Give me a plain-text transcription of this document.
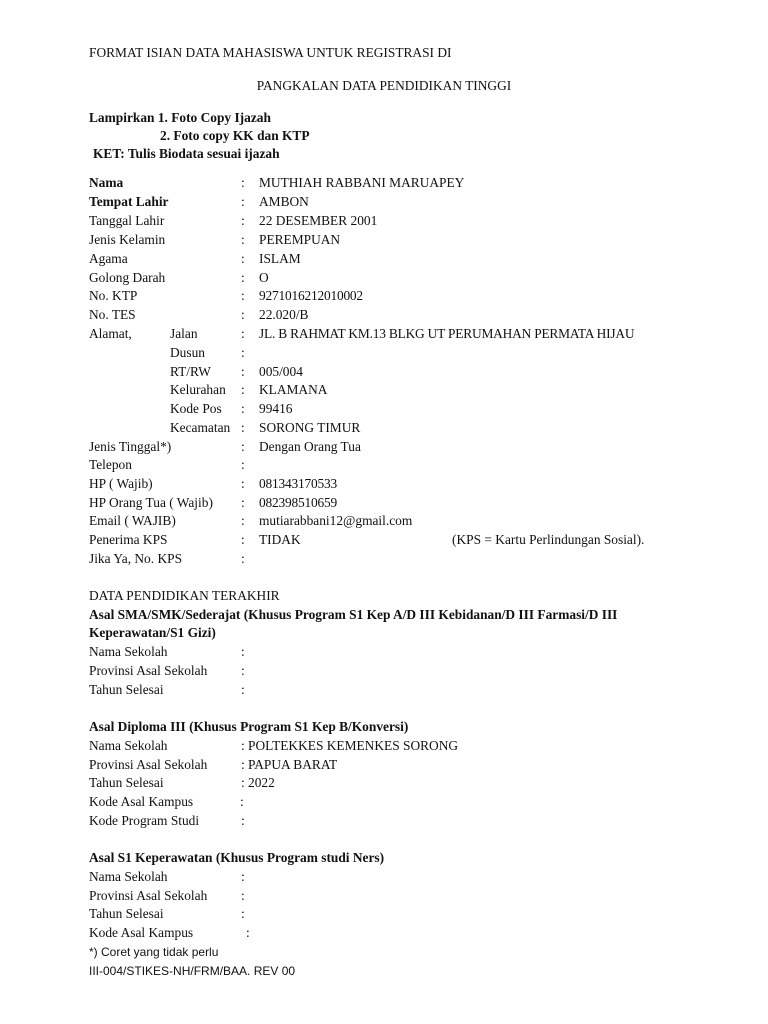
FORMAT ISIAN DATA MAHASISWA UNTUK REGISTRASI DI
PANGKALAN DATA PENDIDIKAN TINGGI
Lampirkan 1. Foto Copy Ijazah
2. Foto copy KK dan KTP
KET: Tulis Biodata sesuai ijazah
Nama	: MUTHIAH RABBANI MARUAPEY
Tempat Lahir	: AMBON
Tanggal Lahir	: 22 DESEMBER 2001
Jenis Kelamin	: PEREMPUAN
Agama	: ISLAM
Golong Darah	: O
No. KTP	: 9271016212010002
No. TES	: 22.020/B
Alamat,	Jalan	: JL. B RAHMAT KM.13 BLKG UT PERUMAHAN PERMATA HIJAU
Dusun	:
RT/RW : 005/004
Kelurahan : KLAMANA
Kode Pos : 99416
Kecamatan : SORONG TIMUR
Jenis Tinggal*)	: Dengan Orang Tua
Telepon	:
HP ( Wajib)	: 081343170533
HP Orang Tua ( Wajib) : 082398510659
Email ( WAJIB)	: mutiarabbani12@gmail.com
Penerima KPS	: TIDAK	(KPS = Kartu Perlindungan Sosial).
Jika Ya, No. KPS	:
DATA PENDIDIKAN TERAKHIR
Asal SMA/SMK/Sederajat (Khusus Program S1 Kep A/D III Kebidanan/D III Farmasi/D III
Keperawatan/S1 Gizi)
Nama Sekolah	:
Provinsi Asal Sekolah	:
Tahun Selesai	:
Asal Diploma III (Khusus Program S1 Kep B/Konversi)
Nama Sekolah	: POLTEKKES KEMENKES SORONG
Provinsi Asal Sekolah	: PAPUA BARAT
Tahun Selesai	: 2022
Kode Asal Kampus	:
Kode Program Studi	:
Asal S1 Keperawatan (Khusus Program studi Ners)
Nama Sekolah	:
Provinsi Asal Sekolah	:
Tahun Selesai	:
Kode Asal Kampus	:
*) Coret yang tidak perlu
III-004/STIKES-NH/FRM/BAA. REV 00
